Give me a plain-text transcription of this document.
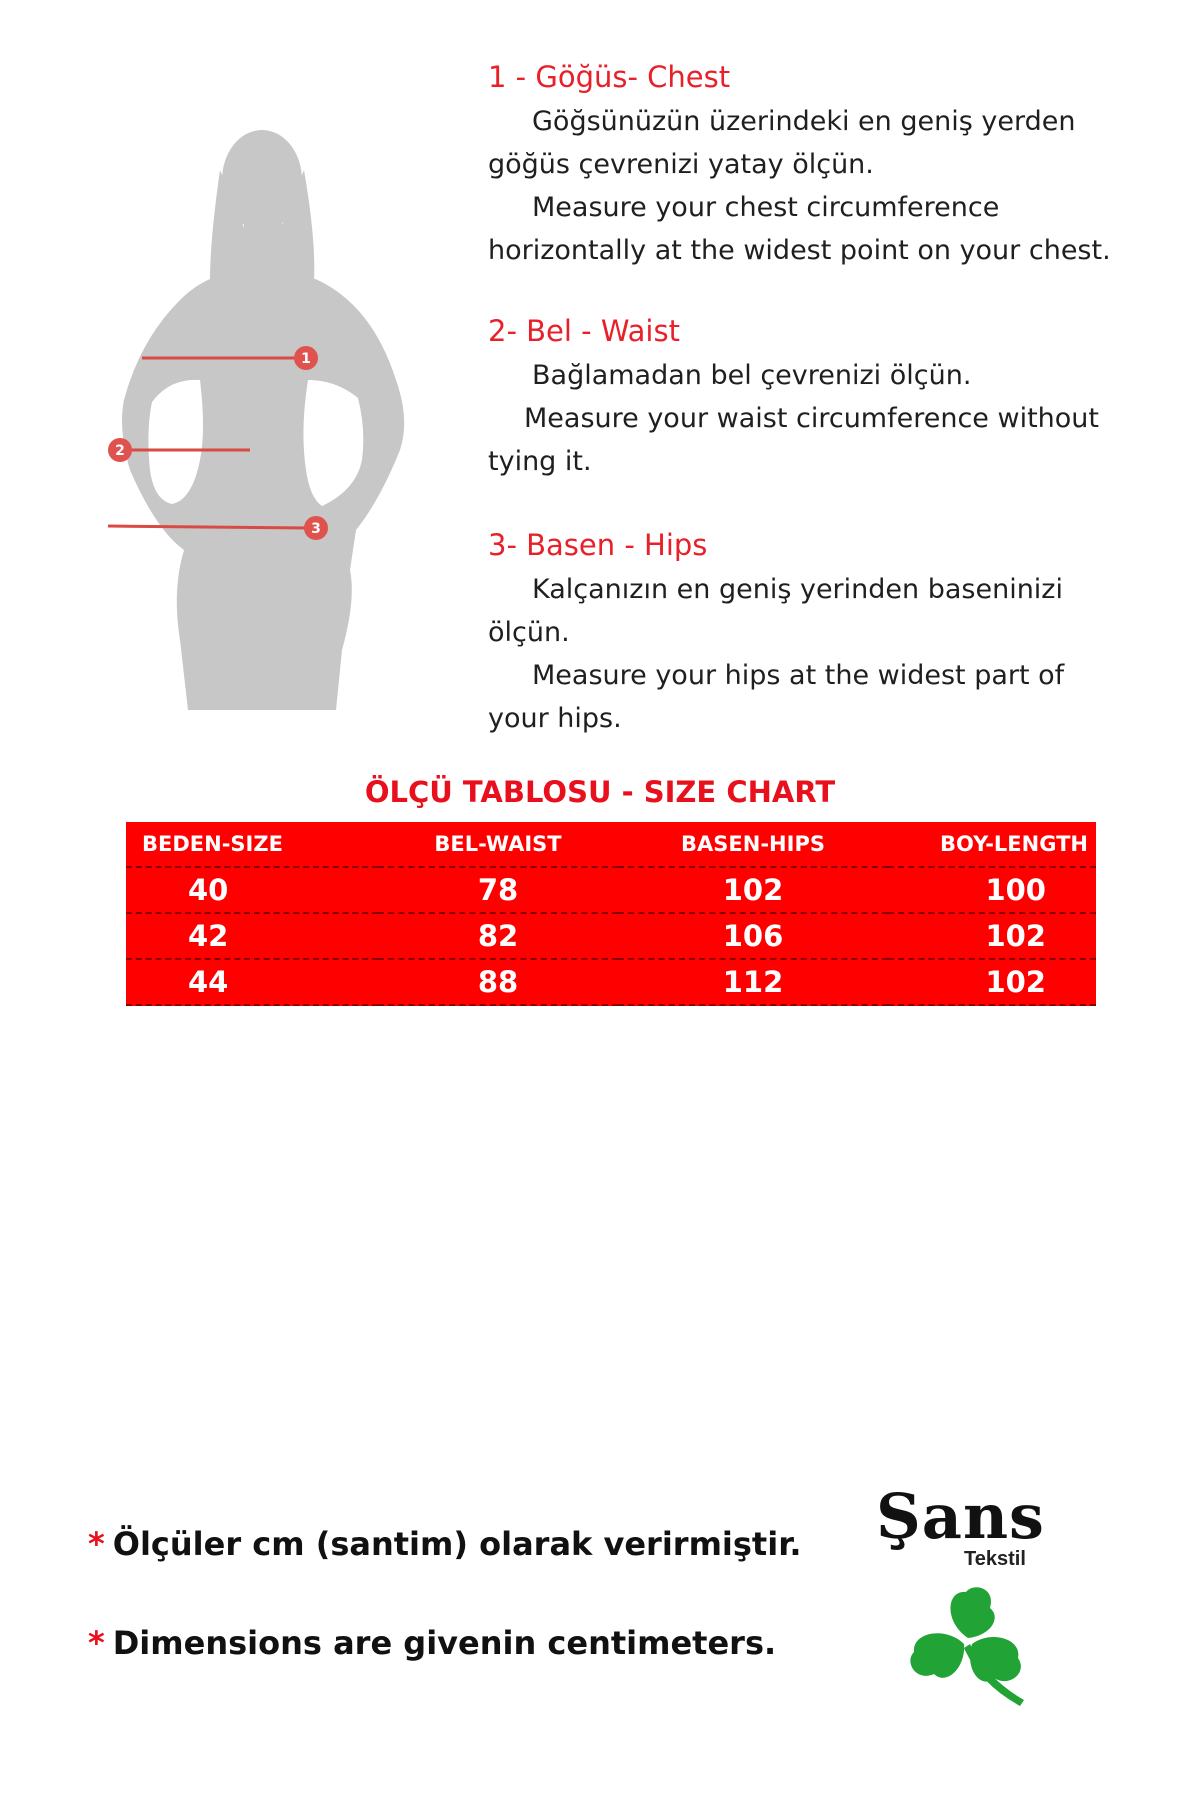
1
2
3

1 - Göğüs- Chest

Göğsünüzün üzerindeki en geniş yerden

göğüs çevrenizi yatay ölçün.

Measure your chest circumference

horizontally at the widest point on your chest.

2- Bel - Waist

Bağlamadan bel çevrenizi ölçün.

Measure your waist circumference without

tying it.

3- Basen - Hips

Kalçanızın en geniş yerinden baseninizi

ölçün.

Measure your hips at the widest part of

your hips.

ÖLÇÜ TABLOSU - SIZE CHART

BEDEN-SIZE	BEL-WAIST	BASEN-HIPS	BOY-LENGTH
40	78	102	100
42	82	106	102
44	88	112	102

* Ölçüler cm (santim) olarak verirmiştir.

* Dimensions are givenin centimeters.

Şans

Tekstil
